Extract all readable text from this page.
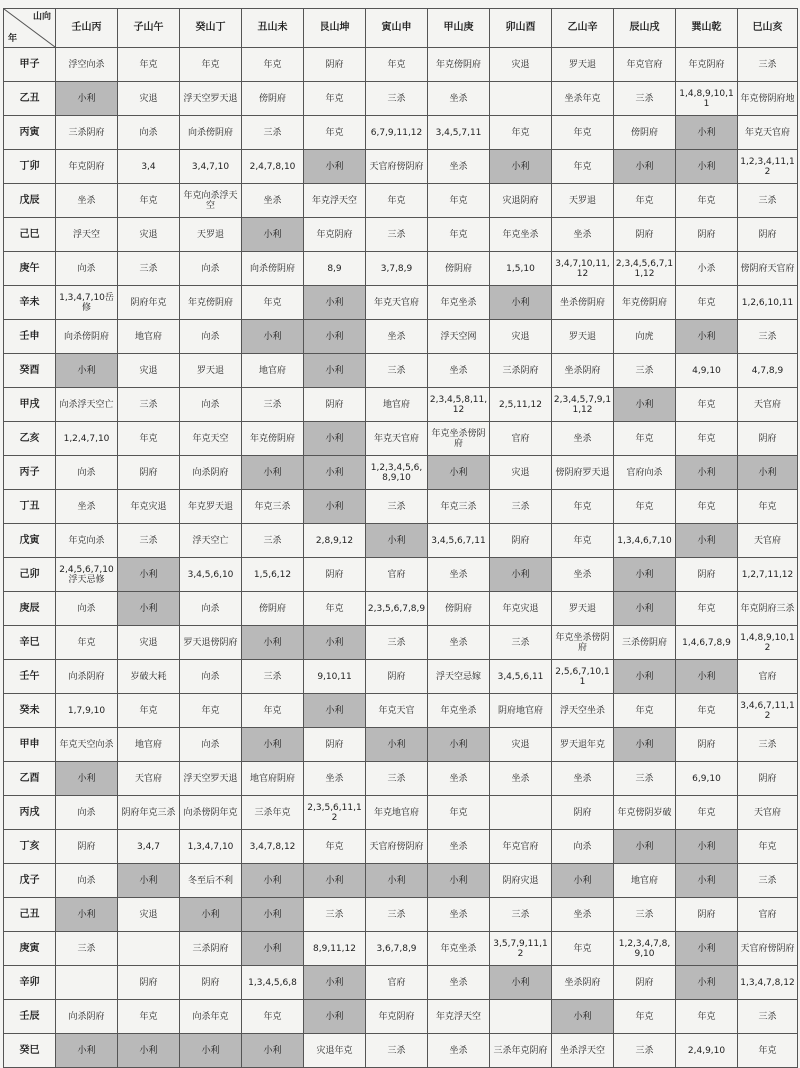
山向
年	壬山丙	子山午	癸山丁	丑山未	艮山坤	寅山申	甲山庚	卯山酉	乙山辛	辰山戌	巽山乾	巳山亥
甲子	浮空向杀	年克	年克	年克	阴府	年克	年克傍阴府	灾退	罗天退	年克官府	年克阴府	三杀
乙丑	小利	灾退	浮天空罗天退	傍阴府	年克	三杀	坐杀		坐杀年克	三杀	1,4,8,9,10,11	年克傍阴府地
丙寅	三杀阴府	向杀	向杀傍阴府	三杀	年克	6,7,9,11,12	3,4,5,7,11	年克	年克	傍阴府	小利	年克天官府
丁卯	年克阴府	3,4	3,4,7,10	2,4,7,8,10	小利	天官府傍阴府	坐杀	小利	年克	小利	小利	1,2,3,4,11,12
戊辰	坐杀	年克	年克向杀浮天空	坐杀	年克浮天空	年克	年克	灾退阴府	天罗退	年克	年克	三杀
己巳	浮天空	灾退	天罗退	小利	年克阴府	三杀	年克	年克坐杀	坐杀	阴府	阴府	阴府
庚午	向杀	三杀	向杀	向杀傍阴府	8,9	3,7,8,9	傍阴府	1,5,10	3,4,7,10,11,12	2,3,4,5,6,7,11,12	小杀	傍阴府天官府
辛未	1,3,4,7,10岳修	阴府年克	年克傍阴府	年克	小利	年克天官府	年克坐杀	小利	坐杀傍阴府	年克傍阴府	年克	1,2,6,10,11
壬申	向杀傍阴府	地官府	向杀	小利	小利	坐杀	浮天空网	灾退	罗天退	向虎	小利	三杀
癸酉	小利	灾退	罗天退	地官府	小利	三杀	坐杀	三杀阴府	坐杀阴府	三杀	4,9,10	4,7,8,9
甲戌	向杀浮天空亡	三杀	向杀	三杀	阴府	地官府	2,3,4,5,8,11,12	2,5,11,12	2,3,4,5,7,9,11,12	小利	年克	天官府
乙亥	1,2,4,7,10	年克	年克天空	年克傍阴府	小利	年克天官府	年克坐杀傍阴府	官府	坐杀	年克	年克	阴府
丙子	向杀	阴府	向杀阴府	小利	小利	1,2,3,4,5,6,8,9,10	小利	灾退	傍阴府罗天退	官府向杀	小利	小利
丁丑	坐杀	年克灾退	年克罗天退	年克三杀	小利	三杀	年克三杀	三杀	年克	年克	年克	年克
戊寅	年克向杀	三杀	浮天空亡	三杀	2,8,9,12	小利	3,4,5,6,7,11	阴府	年克	1,3,4,6,7,10	小利	天官府
己卯	2,4,5,6,7,10浮天忌修	小利	3,4,5,6,10	1,5,6,12	阴府	官府	坐杀	小利	坐杀	小利	阴府	1,2,7,11,12
庚辰	向杀	小利	向杀	傍阴府	年克	2,3,5,6,7,8,9	傍阴府	年克灾退	罗天退	小利	年克	年克阴府三杀
辛巳	年克	灾退	罗天退傍阴府	小利	小利	三杀	坐杀	三杀	年克坐杀傍阴府	三杀傍阴府	1,4,6,7,8,9	1,4,8,9,10,12
壬午	向杀阴府	岁破大耗	向杀	三杀	9,10,11	阴府	浮天空忌嫁	3,4,5,6,11	2,5,6,7,10,11	小利	小利	官府
癸未	1,7,9,10	年克	年克	年克	小利	年克天官	年克坐杀	阴府地官府	浮天空坐杀	年克	年克	3,4,6,7,11,12
甲申	年克天空向杀	地官府	向杀	小利	阴府	小利	小利	灾退	罗天退年克	小利	阴府	三杀
乙酉	小利	天官府	浮天空罗天退	地官府阴府	坐杀	三杀	坐杀	坐杀	坐杀	三杀	6,9,10	阴府
丙戌	向杀	阴府年克三杀	向杀傍阴年克	三杀年克	2,3,5,6,11,12	年克地官府	年克		阴府	年克傍阴岁破	年克	天官府
丁亥	阴府	3,4,7	1,3,4,7,10	3,4,7,8,12	年克	天官府傍阴府	坐杀	年克官府	向杀	小利	小利	年克
戊子	向杀	小利	冬至后不利	小利	小利	小利	小利	阴府灾退	小利	地官府	小利	三杀
己丑	小利	灾退	小利	小利	三杀	三杀	坐杀	三杀	坐杀	三杀	阴府	官府
庚寅	三杀		三杀阴府	小利	8,9,11,12	3,6,7,8,9	年克坐杀	3,5,7,9,11,12	年克	1,2,3,4,7,8,9,10	小利	天官府傍阴府
辛卯		阴府	阴府	1,3,4,5,6,8	小利	官府	坐杀	小利	坐杀阴府	阴府	小利	1,3,4,7,8,12
壬辰	向杀阴府	年克	向杀年克	年克	小利	年克阴府	年克浮天空		小利	年克	年克	三杀
癸巳	小利	小利	小利	小利	灾退年克	三杀	坐杀	三杀年克阴府	坐杀浮天空	三杀	2,4,9,10	年克
